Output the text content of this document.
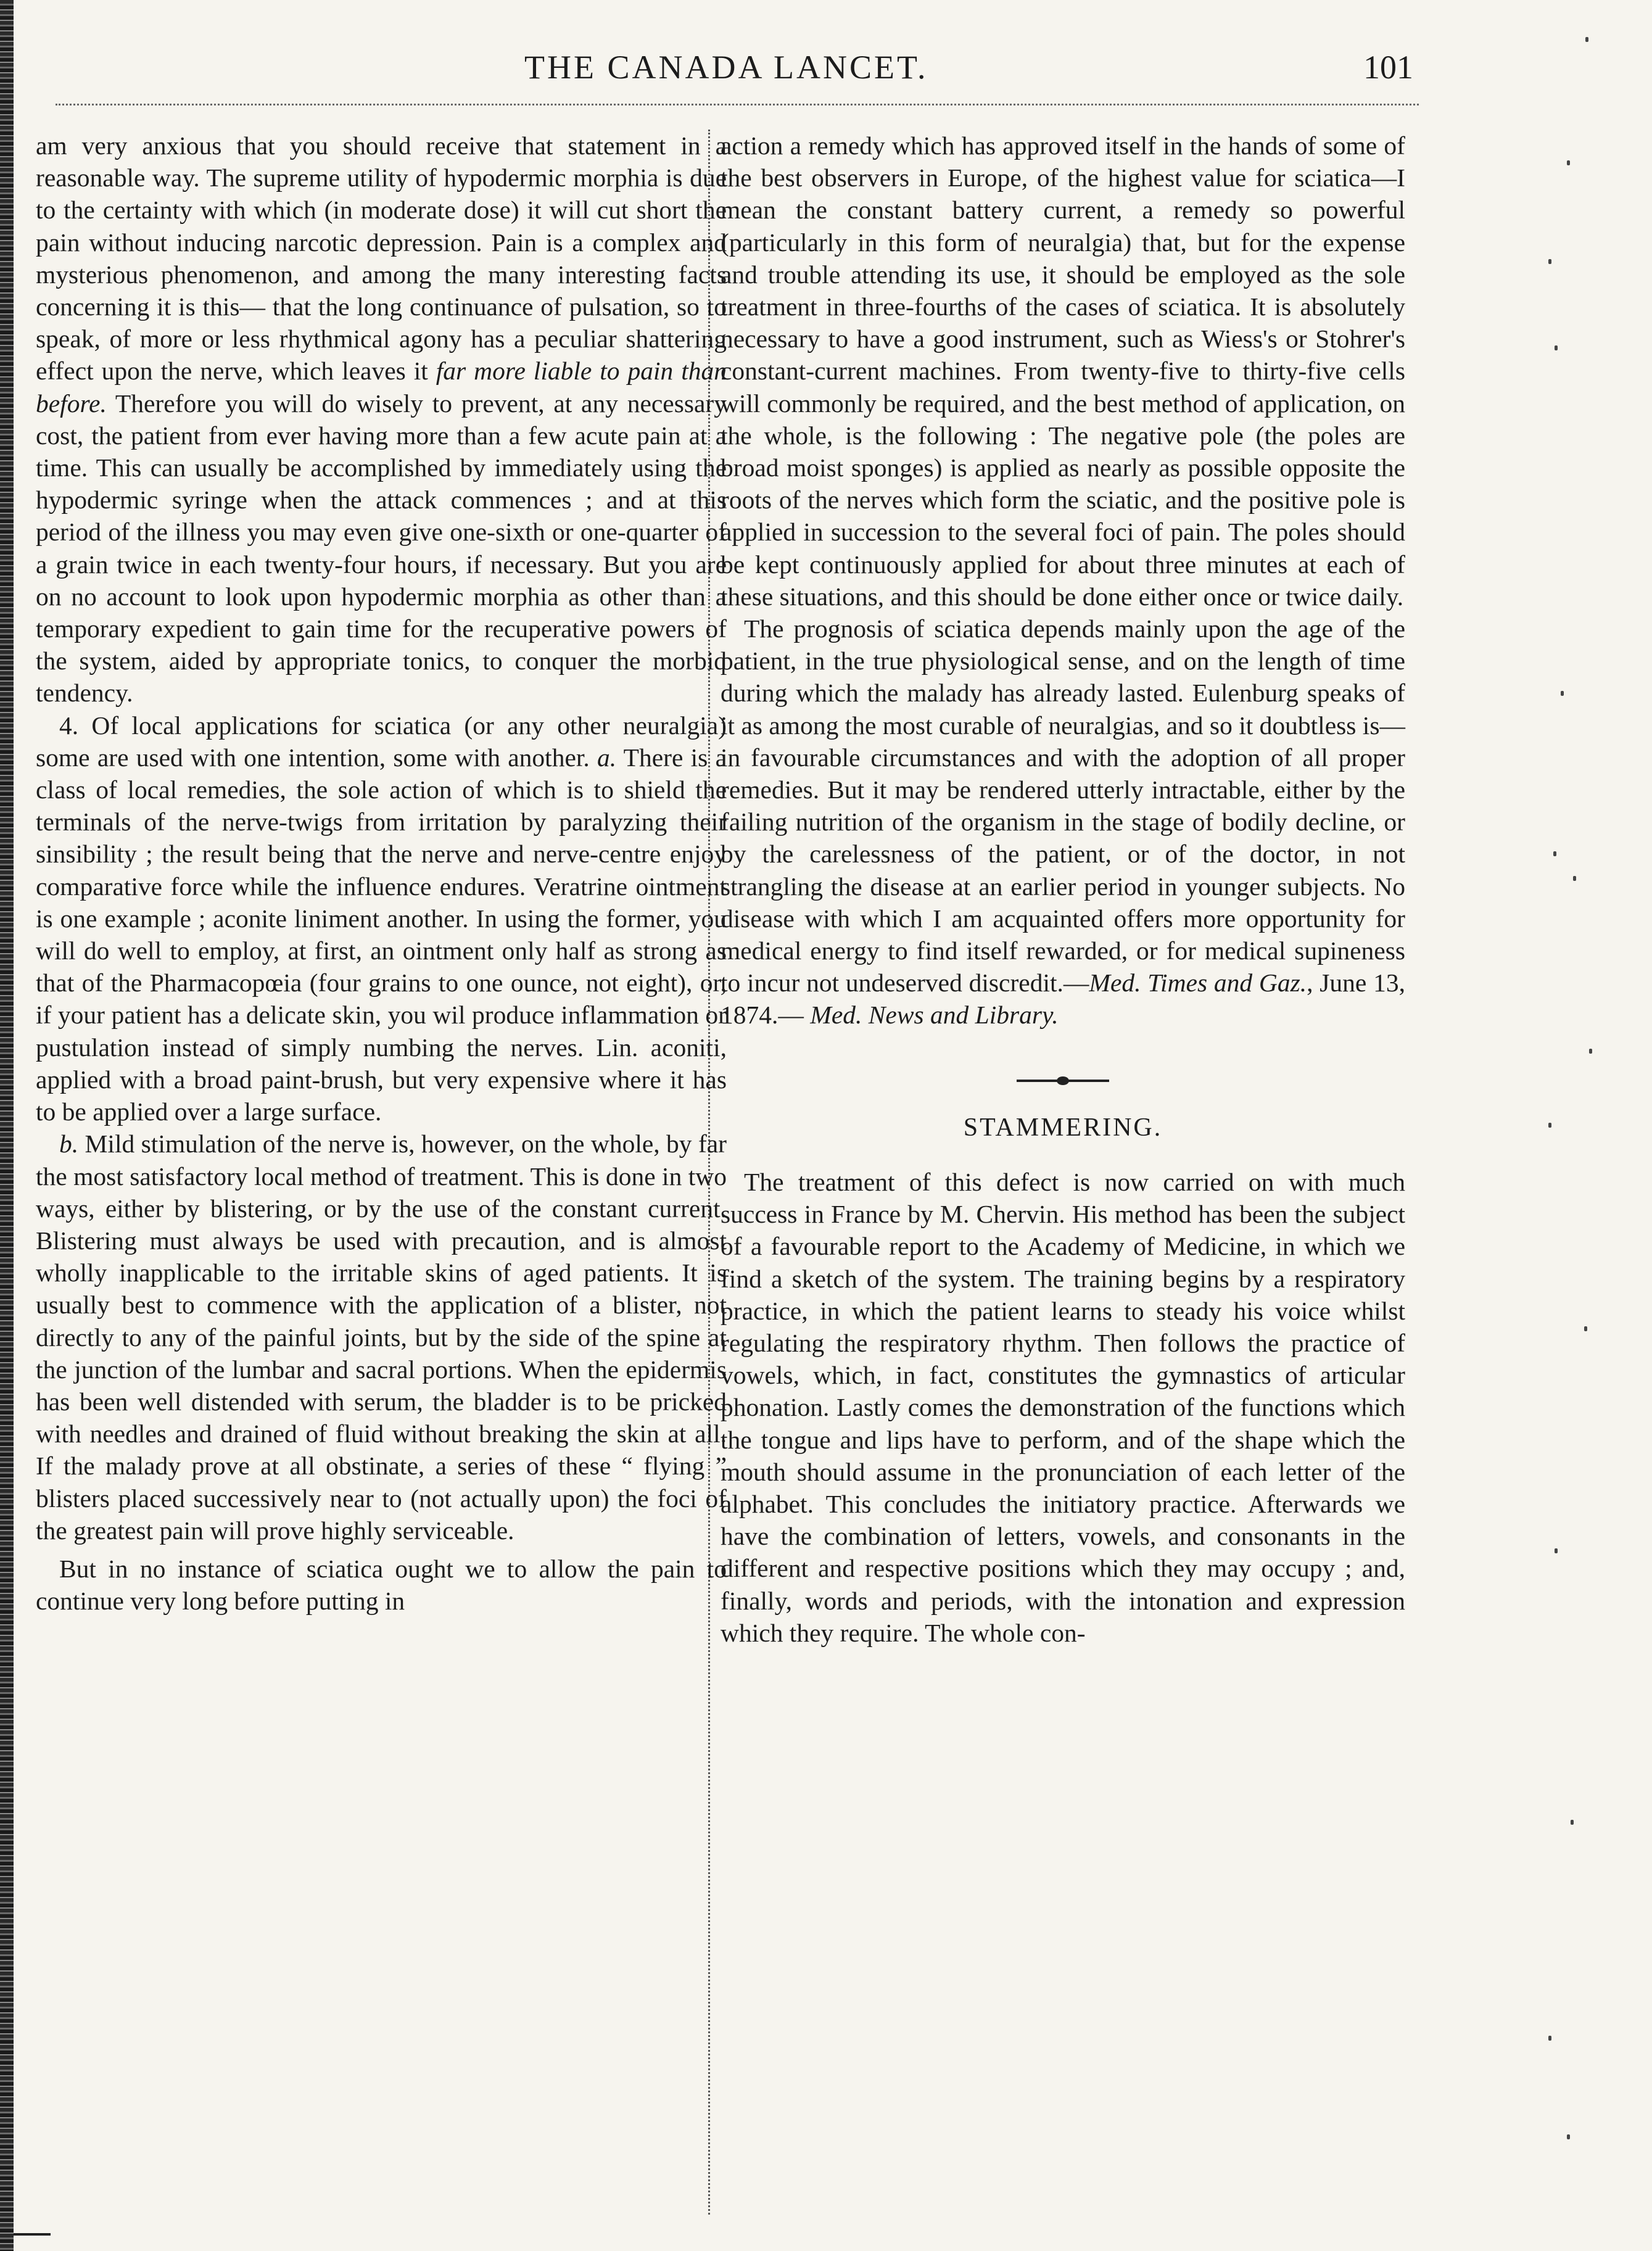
THE CANADA LANCET.	101

am very anxious that you should receive that statement in a reasonable way. The supreme utility of hypodermic morphia is due to the certainty with which (in moderate dose) it will cut short the pain without inducing narcotic depression. Pain is a complex and mysterious phenomenon, and among the many interesting facts concerning it is this— that the long continuance of pulsation, so to speak, of more or less rhythmical agony has a peculiar shattering effect upon the nerve, which leaves it far more liable to pain than before. Therefore you will do wisely to prevent, at any necessary cost, the patient from ever having more than a few acute pain at a time. This can usually be accomplished by immediately using the hypodermic syringe when the attack commences ; and at this period of the illness you may even give one-sixth or one-quarter of a grain twice in each twenty-four hours, if necessary. But you are on no account to look upon hypodermic morphia as other than a temporary expedient to gain time for the recuperative powers of the system, aided by appropriate tonics, to conquer the morbid tendency.

4. Of local applications for sciatica (or any other neuralgia) some are used with one intention, some with another. a. There is a class of local remedies, the sole action of which is to shield the terminals of the nerve-twigs from irritation by paralyzing their sinsibility ; the result being that the nerve and nerve-centre enjoy comparative force while the influence endures. Veratrine ointment is one example ; aconite liniment another. In using the former, you will do well to employ, at first, an ointment only half as strong as that of the Pharmacopœia (four grains to one ounce, not eight), or, if your patient has a delicate skin, you wil produce inflammation or pustulation instead of simply numbing the nerves. Lin. aconiti, applied with a broad paint-brush, but very expensive where it has to be applied over a large surface.

b. Mild stimulation of the nerve is, however, on the whole, by far the most satisfactory local method of treatment. This is done in two ways, either by blistering, or by the use of the constant current. Blistering must always be used with precaution, and is almost wholly inapplicable to the irritable skins of aged patients. It is usually best to commence with the application of a blister, not directly to any of the painful joints, but by the side of the spine at the junction of the lumbar and sacral portions. When the epidermis has been well distended with serum, the bladder is to be pricked with needles and drained of fluid without breaking the skin at all. If the malady prove at all obstinate, a series of these “ flying ” blisters placed successively near to (not actually upon) the foci of the greatest pain will prove highly serviceable.

But in no instance of sciatica ought we to allow the pain to continue very long before putting in

action a remedy which has approved itself in the hands of some of the best observers in Europe, of the highest value for sciatica—I mean the constant battery current, a remedy so powerful (particularly in this form of neuralgia) that, but for the expense and trouble attending its use, it should be employed as the sole treatment in three-fourths of the cases of sciatica. It is absolutely necessary to have a good instrument, such as Wiess's or Stohrer's constant-current machines. From twenty-five to thirty-five cells will commonly be required, and the best method of application, on the whole, is the following : The negative pole (the poles are broad moist sponges) is applied as nearly as possible opposite the roots of the nerves which form the sciatic, and the positive pole is applied in succession to the several foci of pain. The poles should be kept continuously applied for about three minutes at each of these situations, and this should be done either once or twice daily.

The prognosis of sciatica depends mainly upon the age of the patient, in the true physiological sense, and on the length of time during which the malady has already lasted. Eulenburg speaks of it as among the most curable of neuralgias, and so it doubtless is—in favourable circumstances and with the adoption of all proper remedies. But it may be rendered utterly intractable, either by the failing nutrition of the organism in the stage of bodily decline, or by the carelessness of the patient, or of the doctor, in not strangling the disease at an earlier period in younger subjects. No disease with which I am acquainted offers more opportunity for medical energy to find itself rewarded, or for medical supineness to incur not undeserved discredit.—Med. Times and Gaz., June 13, 1874.— Med. News and Library.

STAMMERING.

The treatment of this defect is now carried on with much success in France by M. Chervin. His method has been the subject of a favourable report to the Academy of Medicine, in which we find a sketch of the system. The training begins by a respiratory practice, in which the patient learns to steady his voice whilst regulating the respiratory rhythm. Then follows the practice of vowels, which, in fact, constitutes the gymnastics of articular phonation. Lastly comes the demonstration of the functions which the tongue and lips have to perform, and of the shape which the mouth should assume in the pronunciation of each letter of the alphabet. This concludes the initiatory practice. Afterwards we have the combination of letters, vowels, and consonants in the different and respective positions which they may occupy ; and, finally, words and periods, with the intonation and expression which they require. The whole con-
